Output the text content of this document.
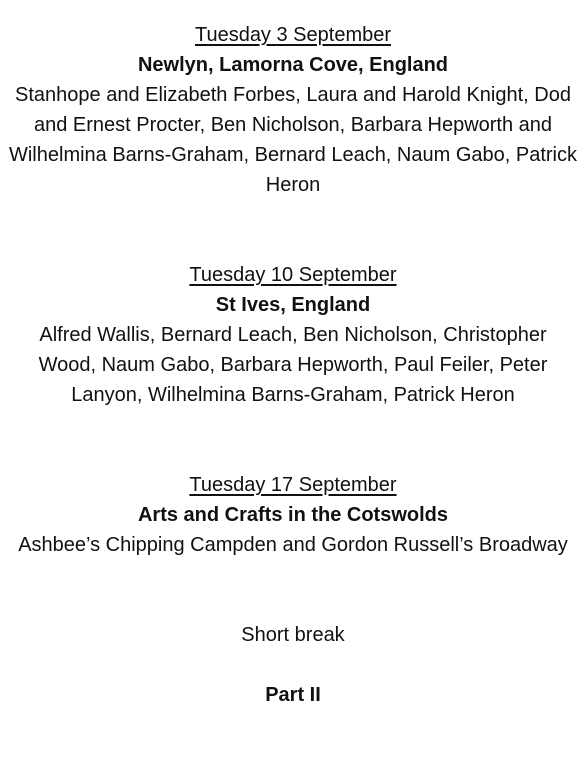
Tuesday 3 September
Newlyn, Lamorna Cove, England
Stanhope and Elizabeth Forbes, Laura and Harold Knight, Dod and Ernest Procter, Ben Nicholson, Barbara Hepworth and Wilhelmina Barns-Graham, Bernard Leach, Naum Gabo, Patrick Heron
Tuesday 10 September
St Ives, England
Alfred Wallis, Bernard Leach, Ben Nicholson, Christopher Wood, Naum Gabo, Barbara Hepworth, Paul Feiler, Peter Lanyon, Wilhelmina Barns-Graham, Patrick Heron
Tuesday 17 September
Arts and Crafts in the Cotswolds
Ashbee’s Chipping Campden and Gordon Russell’s Broadway
Short break
Part II
